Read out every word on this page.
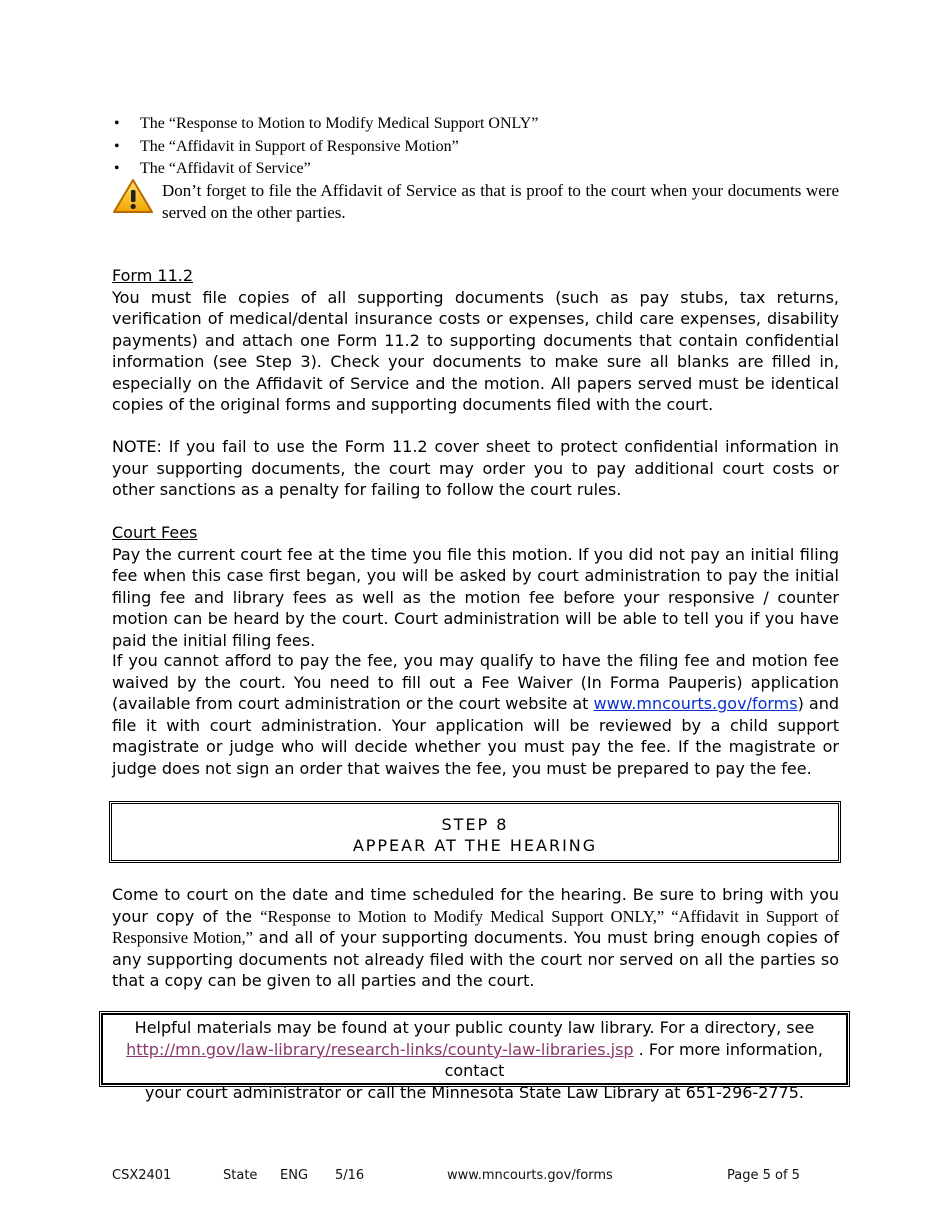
• The “Response to Motion to Modify Medical Support ONLY”
• The “Affidavit in Support of Responsive Motion”
• The “Affidavit of Service”
Don’t forget to file the Affidavit of Service as that is proof to the court when your documents were served on the other parties.
Form 11.2
You must file copies of all supporting documents (such as pay stubs, tax returns, verification of medical/dental insurance costs or expenses, child care expenses, disability payments) and attach one Form 11.2 to supporting documents that contain confidential information (see Step 3). Check your documents to make sure all blanks are filled in, especially on the Affidavit of Service and the motion. All papers served must be identical copies of the original forms and supporting documents filed with the court.

NOTE: If you fail to use the Form 11.2 cover sheet to protect confidential information in your supporting documents, the court may order you to pay additional court costs or other sanctions as a penalty for failing to follow the court rules.

Court Fees
Pay the current court fee at the time you file this motion. If you did not pay an initial filing fee when this case first began, you will be asked by court administration to pay the initial filing fee and library fees as well as the motion fee before your responsive / counter motion can be heard by the court. Court administration will be able to tell you if you have paid the initial filing fees.

If you cannot afford to pay the fee, you may qualify to have the filing fee and motion fee waived by the court. You need to fill out a Fee Waiver (In Forma Pauperis) application (available from court administration or the court website at www.mncourts.gov/forms) and file it with court administration. Your application will be reviewed by a child support magistrate or judge who will decide whether you must pay the fee. If the magistrate or judge does not sign an order that waives the fee, you must be prepared to pay the fee.

STEP 8
APPEAR AT THE HEARING

Come to court on the date and time scheduled for the hearing. Be sure to bring with you your copy of the “Response to Motion to Modify Medical Support ONLY,” “Affidavit in Support of Responsive Motion,” and all of your supporting documents. You must bring enough copies of any supporting documents not already filed with the court nor served on all the parties so that a copy can be given to all parties and the court.

Helpful materials may be found at your public county law library. For a directory, see
http://mn.gov/law-library/research-links/county-law-libraries.jsp . For more information, contact
your court administrator or call the Minnesota State Law Library at 651-296-2775.
CSX2401	State ENG 5/16	www.mncourts.gov/forms	Page 5 of 5
